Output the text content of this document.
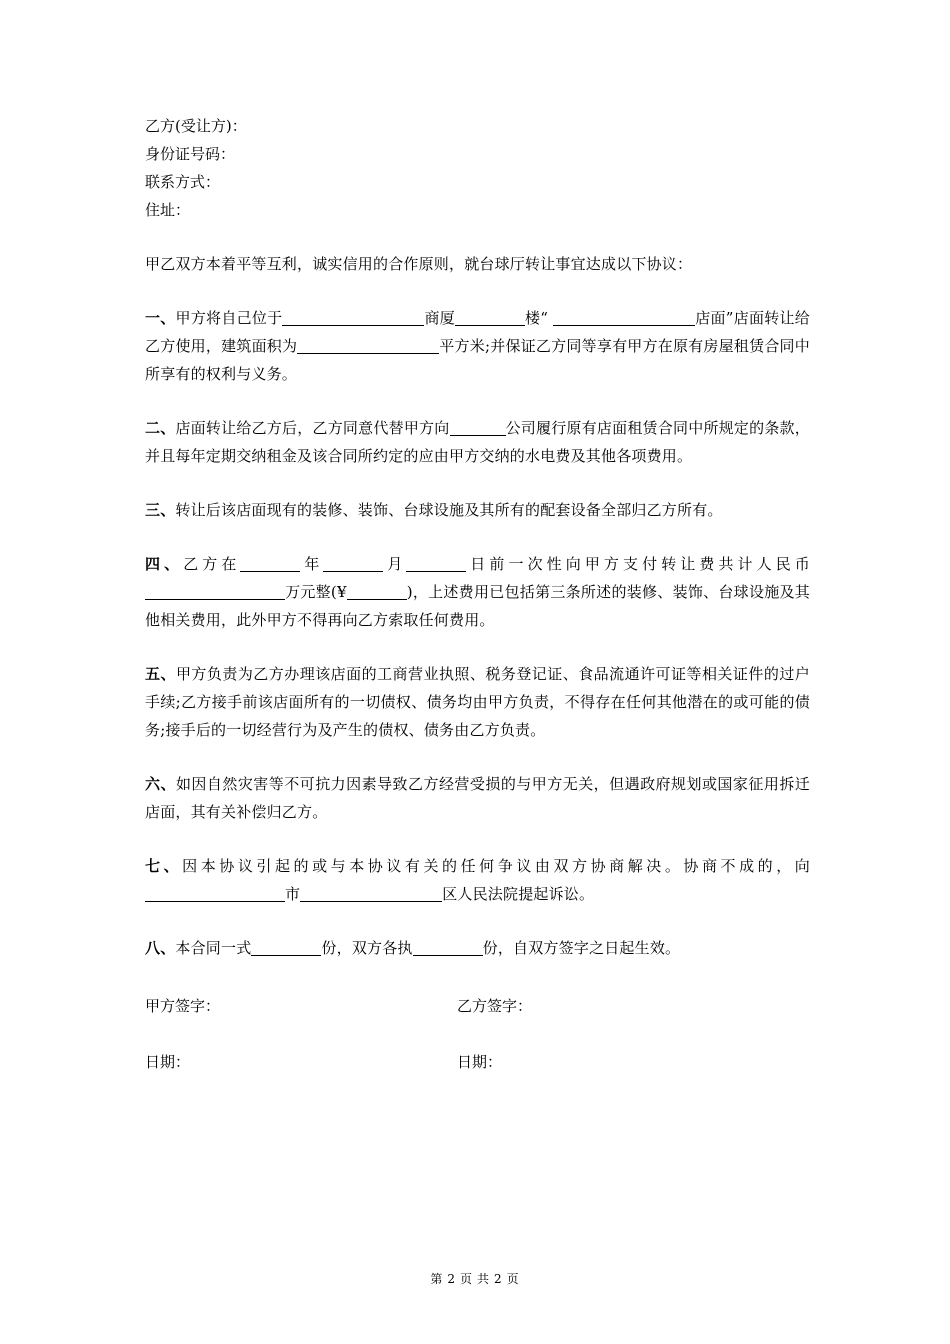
乙方(受让方)：
身份证号码：
联系方式：
住址：

甲乙双方本着平等互利，诚实信用的合作原则，就台球厅转让事宜达成以下协议：

一、甲方将自己位于	商厦	楼“	店面”店面转让给乙方使用，建筑面积为	平方米;并保证乙方同等享有甲方在原有房屋租赁合同中所享有的权利与义务。

二、店面转让给乙方后，乙方同意代替甲方向	公司履行原有店面租赁合同中所规定的条款，并且每年定期交纳租金及该合同所约定的应由甲方交纳的水电费及其他各项费用。

三、转让后该店面现有的装修、装饰、台球设施及其所有的配套设备全部归乙方所有。

四、乙方在	年	月	日前一次性向甲方支付转让费共计人民币万元整(¥	)，上述费用已包括第三条所述的装修、装饰、台球设施及其他相关费用，此外甲方不得再向乙方索取任何费用。

五、甲方负责为乙方办理该店面的工商营业执照、税务登记证、食品流通许可证等相关证件的过户手续;乙方接手前该店面所有的一切债权、债务均由甲方负责，不得存在任何其他潜在的或可能的债务;接手后的一切经营行为及产生的债权、债务由乙方负责。

六、如因自然灾害等不可抗力因素导致乙方经营受损的与甲方无关，但遇政府规划或国家征用拆迁店面，其有关补偿归乙方。

七、因本协议引起的或与本协议有关的任何争议由双方协商解决。协商不成的，向市	区人民法院提起诉讼。

八、本合同一式	份，双方各执	份，自双方签字之日起生效。

甲方签字：	乙方签字：
日期：	日期：
第 2 页 共 2 页
